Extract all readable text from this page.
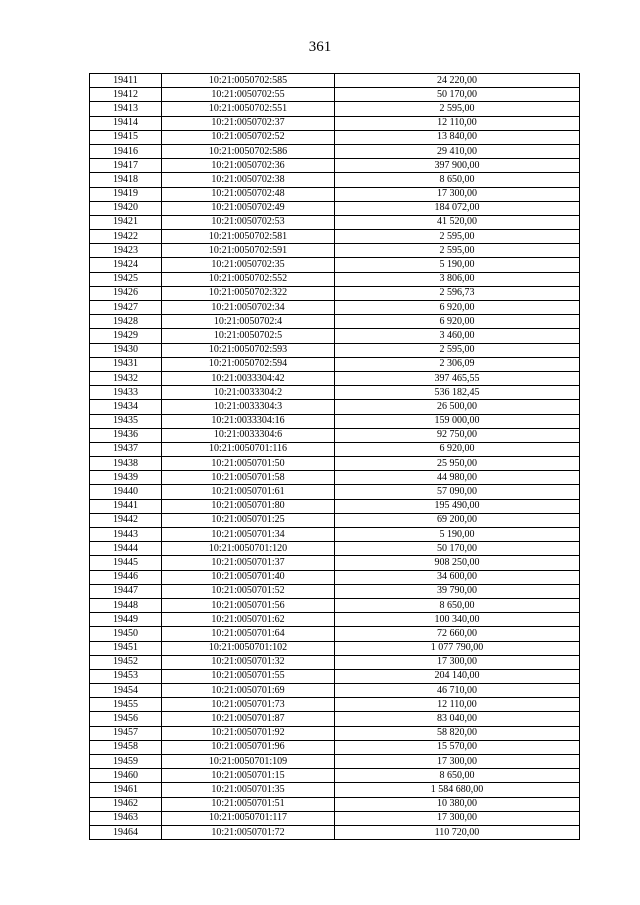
361
19411	10:21:0050702:585	24 220,00
19412	10:21:0050702:55	50 170,00
19413	10:21:0050702:551	2 595,00
19414	10:21:0050702:37	12 110,00
19415	10:21:0050702:52	13 840,00
19416	10:21:0050702:586	29 410,00
19417	10:21:0050702:36	397 900,00
19418	10:21:0050702:38	8 650,00
19419	10:21:0050702:48	17 300,00
19420	10:21:0050702:49	184 072,00
19421	10:21:0050702:53	41 520,00
19422	10:21:0050702:581	2 595,00
19423	10:21:0050702:591	2 595,00
19424	10:21:0050702:35	5 190,00
19425	10:21:0050702:552	3 806,00
19426	10:21:0050702:322	2 596,73
19427	10:21:0050702:34	6 920,00
19428	10:21:0050702:4	6 920,00
19429	10:21:0050702:5	3 460,00
19430	10:21:0050702:593	2 595,00
19431	10:21:0050702:594	2 306,09
19432	10:21:0033304:42	397 465,55
19433	10:21:0033304:2	536 182,45
19434	10:21:0033304:3	26 500,00
19435	10:21:0033304:16	159 000,00
19436	10:21:0033304:6	92 750,00
19437	10:21:0050701:116	6 920,00
19438	10:21:0050701:50	25 950,00
19439	10:21:0050701:58	44 980,00
19440	10:21:0050701:61	57 090,00
19441	10:21:0050701:80	195 490,00
19442	10:21:0050701:25	69 200,00
19443	10:21:0050701:34	5 190,00
19444	10:21:0050701:120	50 170,00
19445	10:21:0050701:37	908 250,00
19446	10:21:0050701:40	34 600,00
19447	10:21:0050701:52	39 790,00
19448	10:21:0050701:56	8 650,00
19449	10:21:0050701:62	100 340,00
19450	10:21:0050701:64	72 660,00
19451	10:21:0050701:102	1 077 790,00
19452	10:21:0050701:32	17 300,00
19453	10:21:0050701:55	204 140,00
19454	10:21:0050701:69	46 710,00
19455	10:21:0050701:73	12 110,00
19456	10:21:0050701:87	83 040,00
19457	10:21:0050701:92	58 820,00
19458	10:21:0050701:96	15 570,00
19459	10:21:0050701:109	17 300,00
19460	10:21:0050701:15	8 650,00
19461	10:21:0050701:35	1 584 680,00
19462	10:21:0050701:51	10 380,00
19463	10:21:0050701:117	17 300,00
19464	10:21:0050701:72	110 720,00
